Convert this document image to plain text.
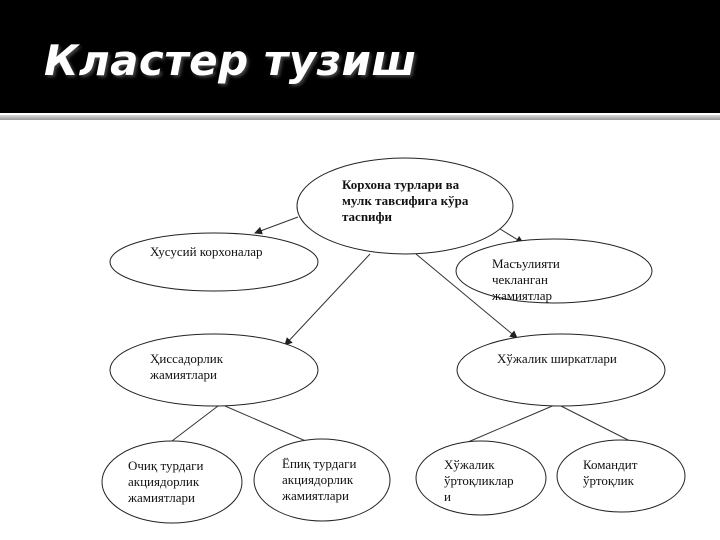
Кластер тузиш
Корхона турлари ва
мулк тавсифига кўра
тасnифи
Хусусий корхоналар
Масъулияти
чекланган
жамиятлар
Ҳиссадорлик
жамиятлари
Хўжалик ширкатлари
Очиқ турдаги
акциядорлик
жамиятлари
Ёпиқ турдаги
акциядорлик
жамиятлари
Хўжалик
ўртоқликлар
и
Командит
ўртоқлик
